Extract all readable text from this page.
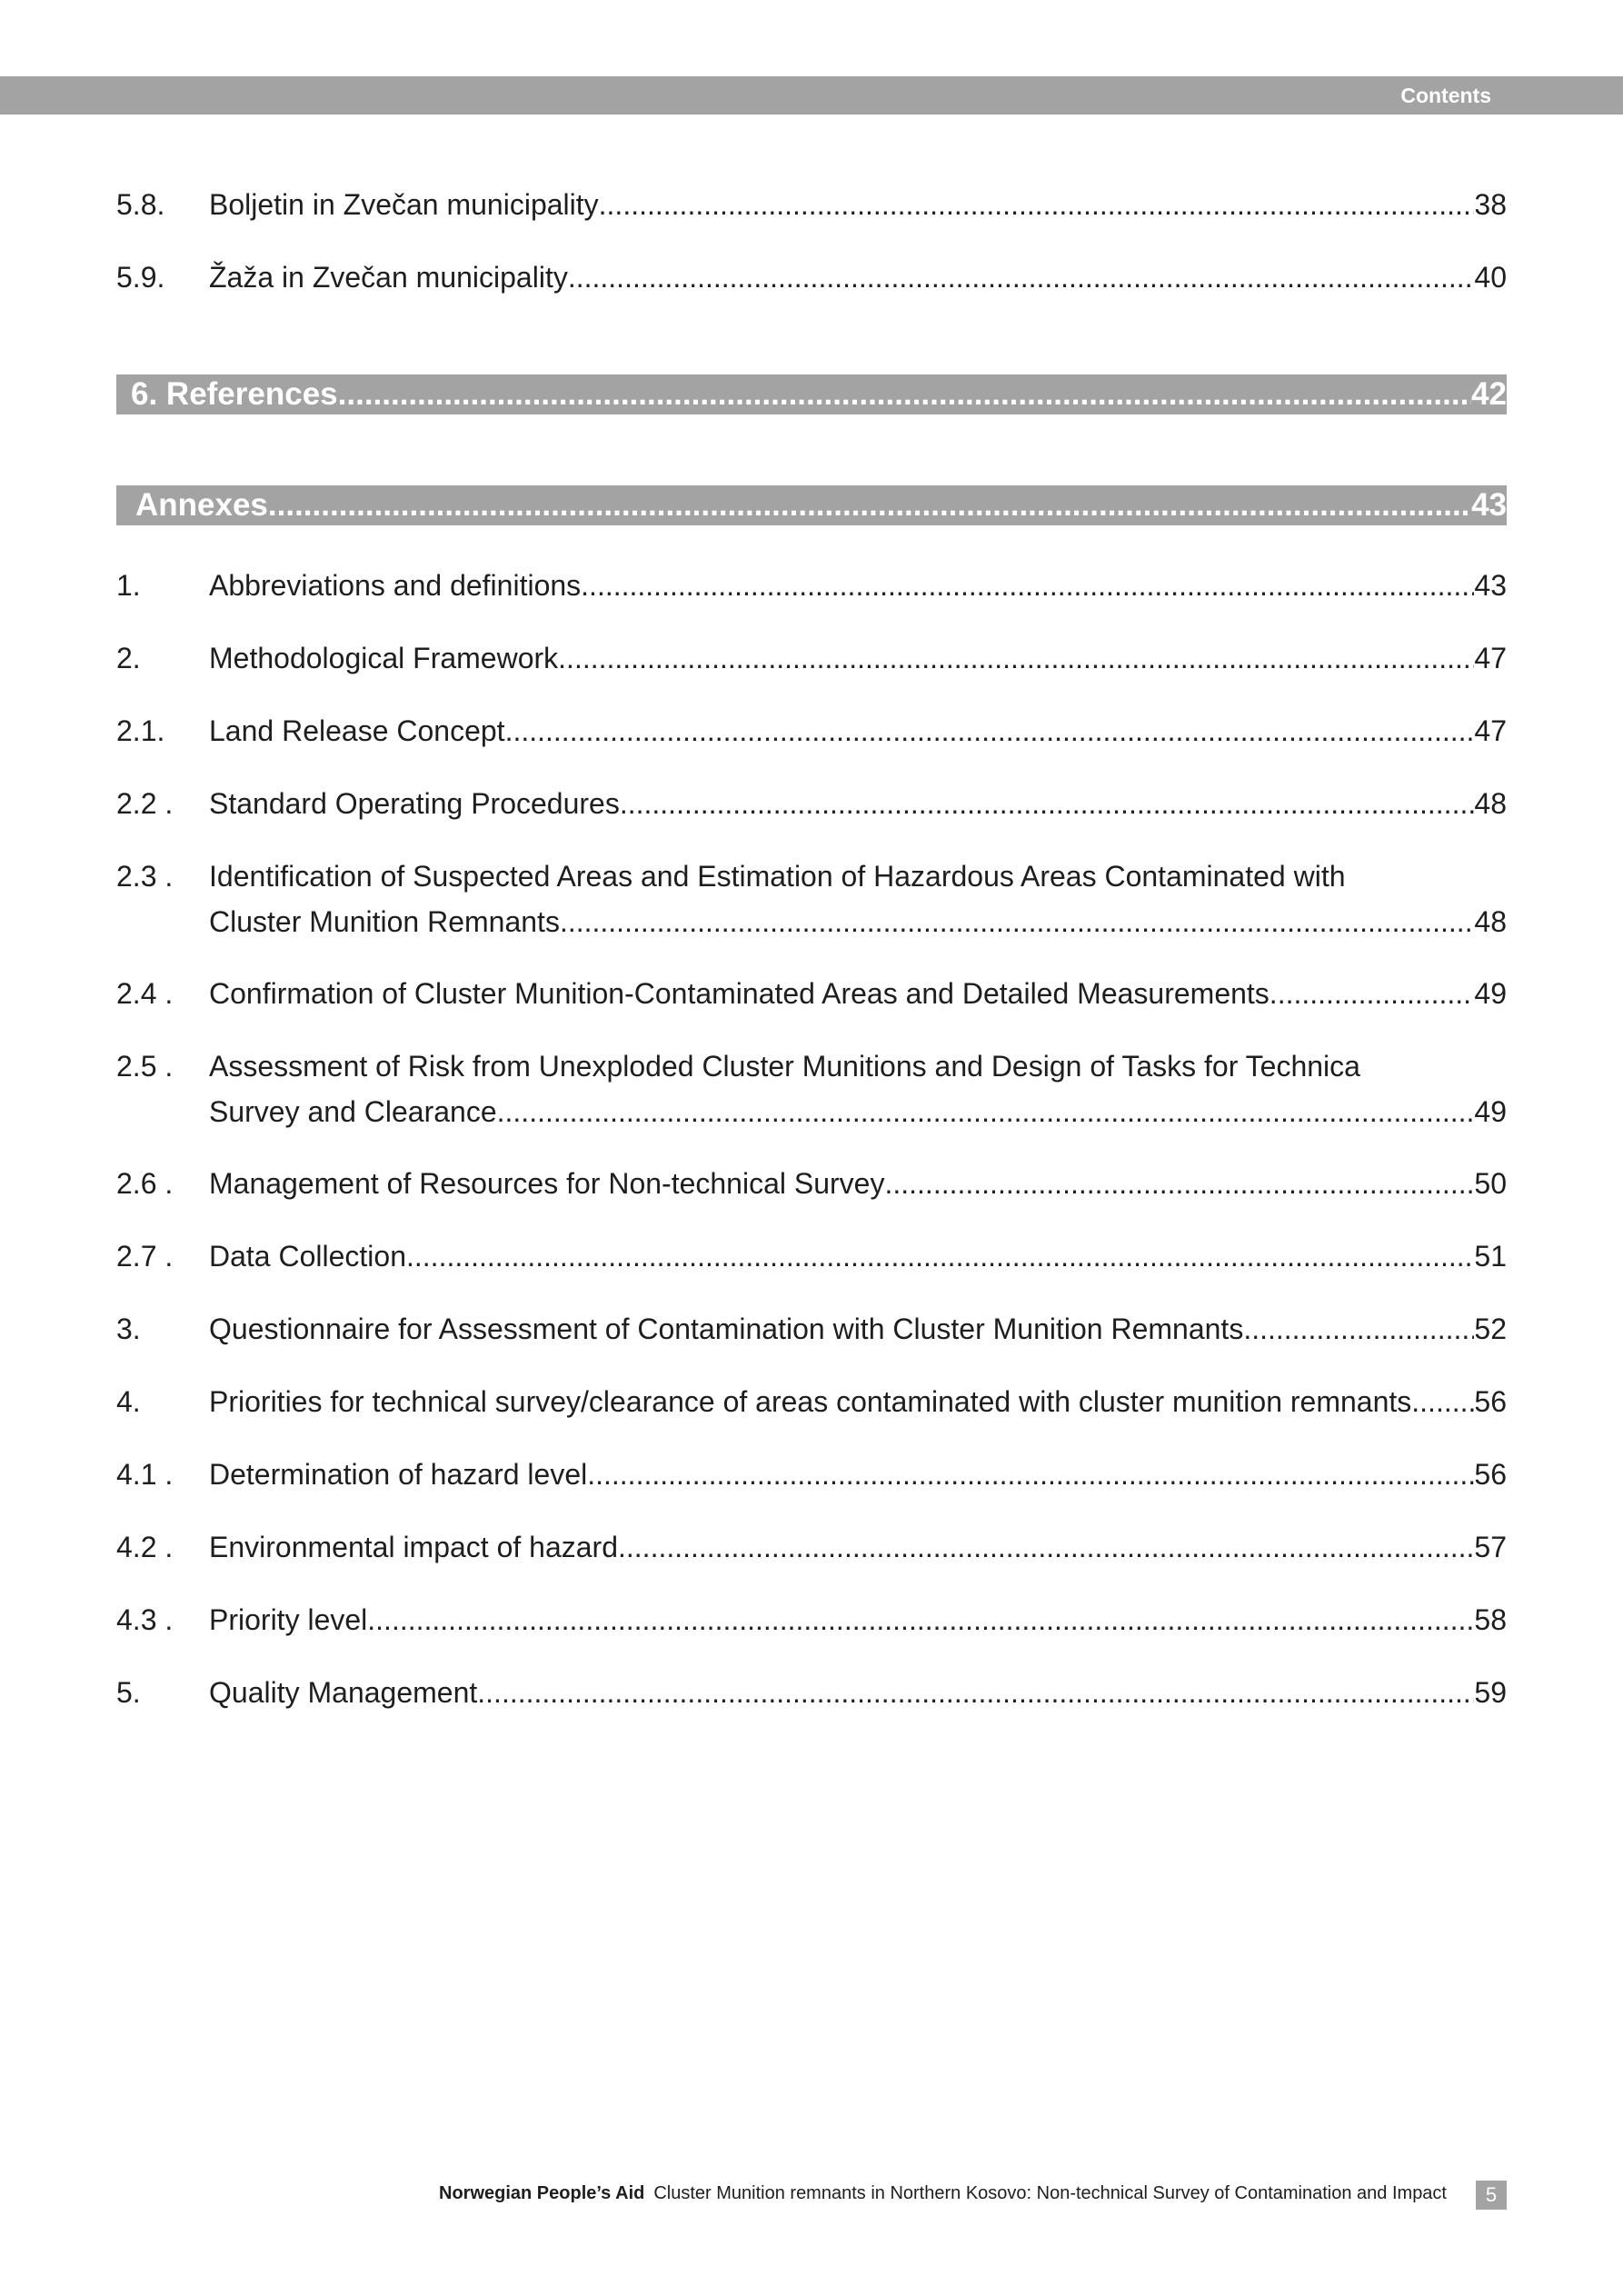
Contents
5.8. Boljetin in Zvečan municipality .....	38
5.9. Žaža in Zvečan municipality .....	40
6. References .....	42
Annexes .....	43
1. Abbreviations and definitions .....	43
2. Methodological Framework .....	47
2.1. Land Release Concept .....	47
2.2 . Standard Operating Procedures .....	48
2.3 . Identification of Suspected Areas and Estimation of Hazardous Areas Contaminated with
Cluster Munition Remnants .....	48
2.4 . Confirmation of Cluster Munition-Contaminated Areas and Detailed Measurements .....	49
2.5 . Assessment of Risk from Unexploded Cluster Munitions and Design of Tasks for Technica
Survey and Clearance .....	49
2.6 . Management of Resources for Non-technical Survey .....	50
2.7 . Data Collection .....	51
3. Questionnaire for Assessment of Contamination with Cluster Munition Remnants .....	52
4. Priorities for technical survey/clearance of areas contaminated with cluster munition remnants ..... 56
4.1 . Determination of hazard level .....	56
4.2 . Environmental impact of hazard .....	57
4.3 . Priority level .....	58
5. Quality Management .....	59
Norwegian People’s Aid Cluster Munition remnants in Northern Kosovo: Non-technical Survey of Contamination and Impact	5
